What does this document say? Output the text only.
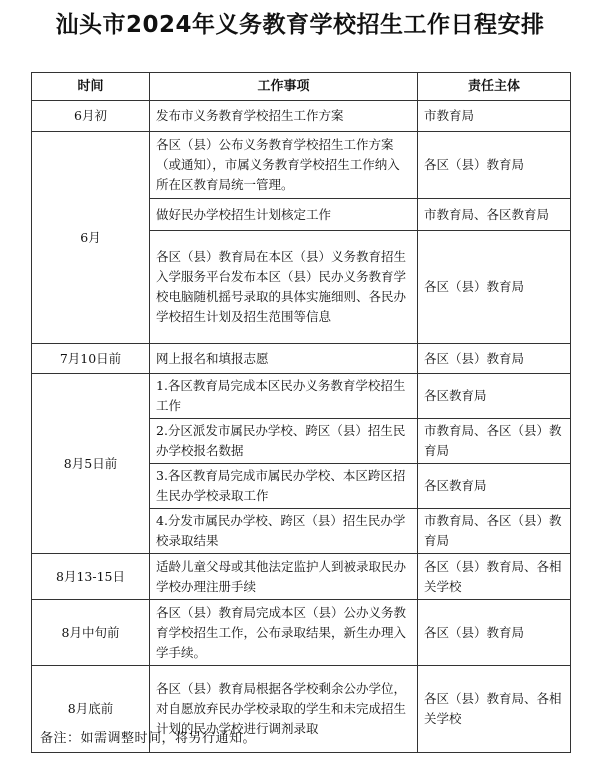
汕头市2024年义务教育学校招生工作日程安排
时间	工作事项	责任主体
6月初	发布市义务教育学校招生工作方案	市教育局
6月	各区（县）公布义务教育学校招生工作方案（或通知），市属义务教育学校招生工作纳入所在区教育局统一管理。	各区（县）教育局
	做好民办学校招生计划核定工作	市教育局、各区教育局
	各区（县）教育局在本区（县）义务教育招生入学服务平台发布本区（县）民办义务教育学校电脑随机摇号录取的具体实施细则、各民办学校招生计划及招生范围等信息	各区（县）教育局
7月10日前	网上报名和填报志愿	各区（县）教育局
8月5日前	1.各区教育局完成本区民办义务教育学校招生工作	各区教育局
	2.分区派发市属民办学校、跨区（县）招生民办学校报名数据	市教育局、各区（县）教育局
	3.各区教育局完成市属民办学校、本区跨区招生民办学校录取工作	各区教育局
	4.分发市属民办学校、跨区（县）招生民办学校录取结果	市教育局、各区（县）教育局
8月13-15日	适龄儿童父母或其他法定监护人到被录取民办学校办理注册手续	各区（县）教育局、各相关学校
8月中旬前	各区（县）教育局完成本区（县）公办义务教育学校招生工作，公布录取结果，新生办理入学手续。	各区（县）教育局
8月底前	各区（县）教育局根据各学校剩余公办学位，对自愿放弃民办学校录取的学生和未完成招生计划的民办学校进行调剂录取	各区（县）教育局、各相关学校
备注：如需调整时间，将另行通知。
